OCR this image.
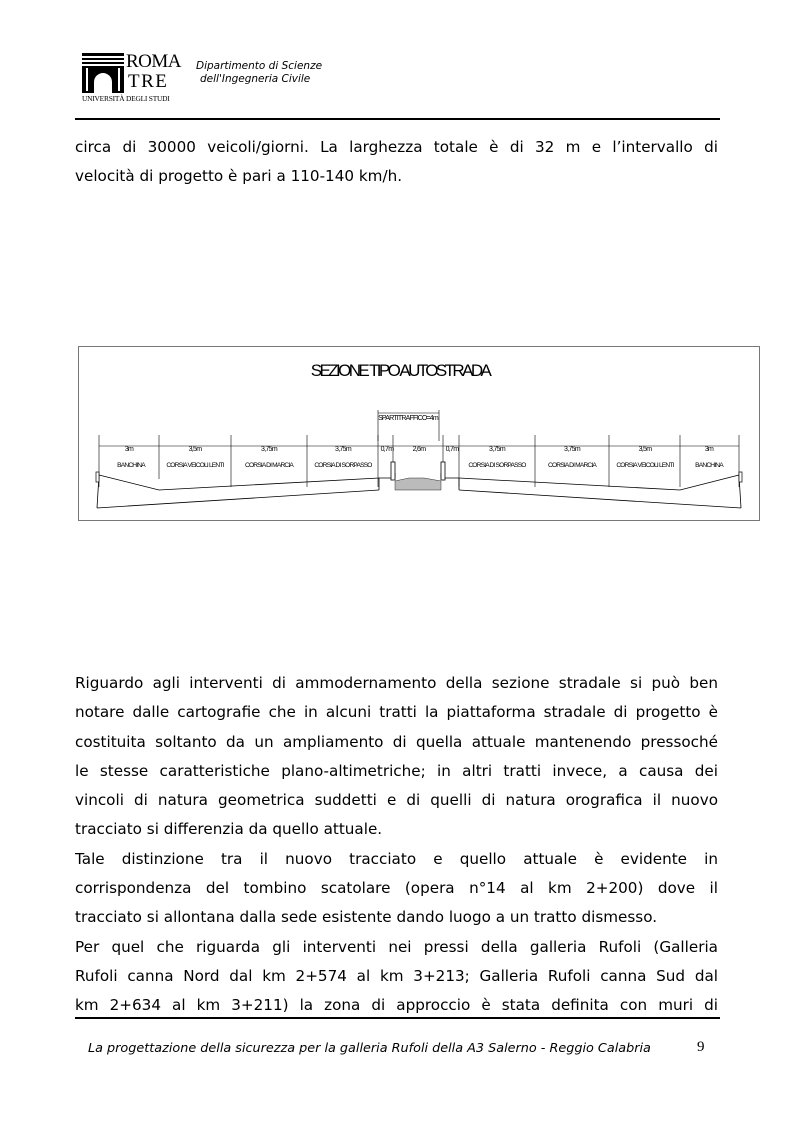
ROMA
TRE
UNIVERSITÀ DEGLI STUDI
Dipartimento di Scienze
dell'Ingegneria Civile
circa di 30000 veicoli/giorni. La larghezza totale è di 32 m e l’intervallo di
velocità di progetto è pari a 110-140 km/h.
SEZIONE TIPO AUTOSTRADA
SPARTITRAFFICO=4m
3m	3,5m	3,75m	3,75m	0,7m	2,6m	0,7m	3,75m	3,75m	3,5m	3m
BANCHINA	CORSIA VEICOLI LENTI	CORSIA DI MARCIA	CORSIA DI SORPASSO	CORSIA DI SORPASSO	CORSIA DI MARCIA	CORSIA VEICOLI LENTI	BANCHINA
Riguardo agli interventi di ammodernamento della sezione stradale si può ben
notare dalle cartografie che in alcuni tratti la piattaforma stradale di progetto è
costituita soltanto da un ampliamento di quella attuale mantenendo pressoché
le stesse caratteristiche plano-altimetriche; in altri tratti invece, a causa dei
vincoli di natura geometrica suddetti e di quelli di natura orografica il nuovo
tracciato si differenzia da quello attuale.
Tale distinzione tra il nuovo tracciato e quello attuale è evidente in
corrispondenza del tombino scatolare (opera n°14 al km 2+200) dove il
tracciato si allontana dalla sede esistente dando luogo a un tratto dismesso.
Per quel che riguarda gli interventi nei pressi della galleria Rufoli (Galleria
Rufoli canna Nord dal km 2+574 al km 3+213; Galleria Rufoli canna Sud dal
km 2+634 al km 3+211) la zona di approccio è stata definita con muri di
La progettazione della sicurezza per la galleria Rufoli della A3 Salerno - Reggio Calabria	9
